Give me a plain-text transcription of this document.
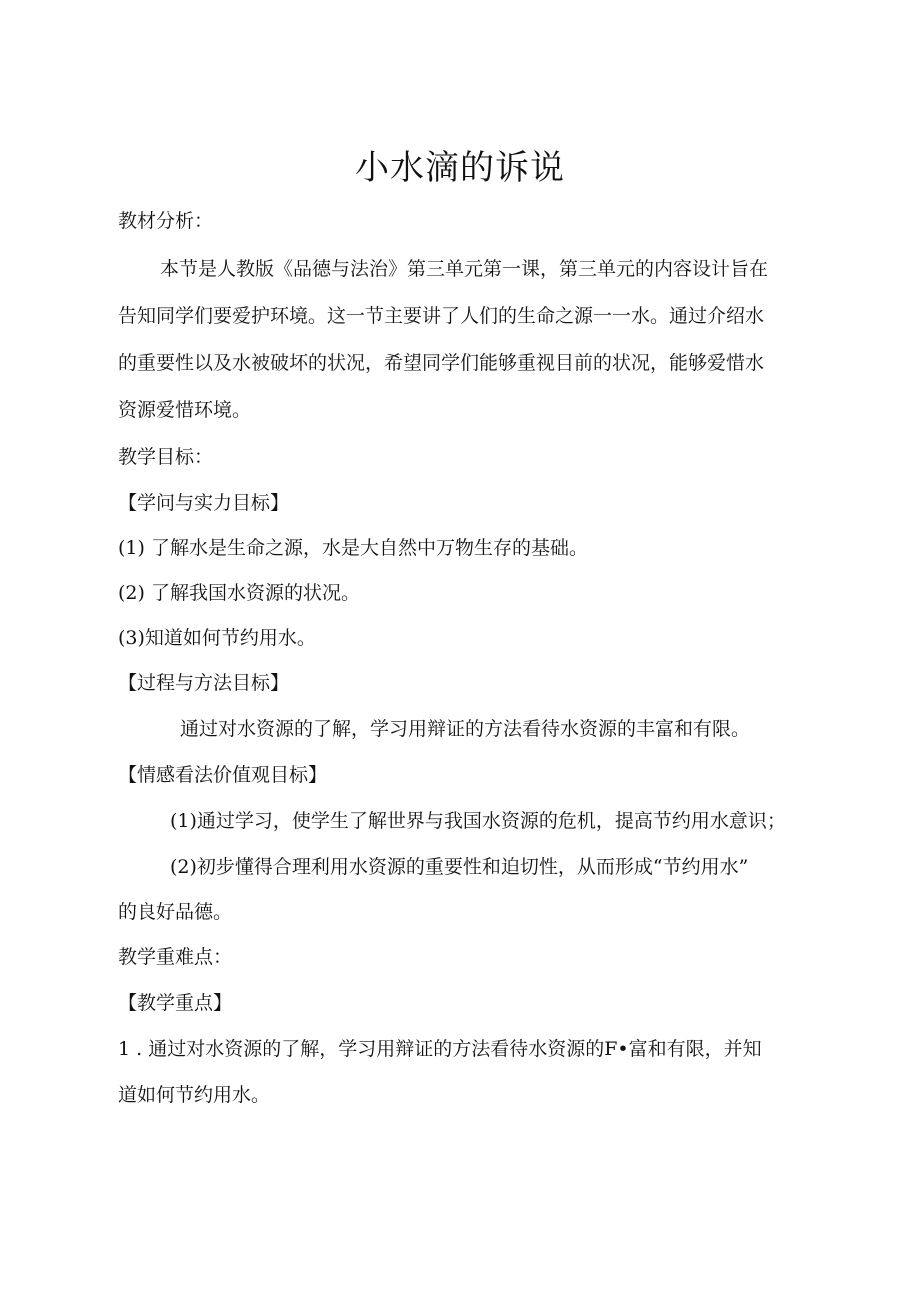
小水滴的诉说
教材分析：
本节是人教版《品德与法治》第三单元第一课，第三单元的内容设计旨在
告知同学们要爱护环境。这一节主要讲了人们的生命之源一一水。通过介绍水
的重要性以及水被破坏的状况，希望同学们能够重视目前的状况，能够爱惜水
资源爱惜环境。
教学目标：
【学问与实力目标】
(1) 了解水是生命之源，水是大自然中万物生存的基础。
(2) 了解我国水资源的状况。
(3)知道如何节约用水。
【过程与方法目标】
通过对水资源的了解，学习用辩证的方法看待水资源的丰富和有限。
【情感看法价值观目标】
(1)通过学习，使学生了解世界与我国水资源的危机，提高节约用水意识；
(2)初步懂得合理利用水资源的重要性和迫切性，从而形成“节约用水”
的良好品德。
教学重难点：
【教学重点】
1 . 通过对水资源的了解，学习用辩证的方法看待水资源的F•富和有限，并知
道如何节约用水。
